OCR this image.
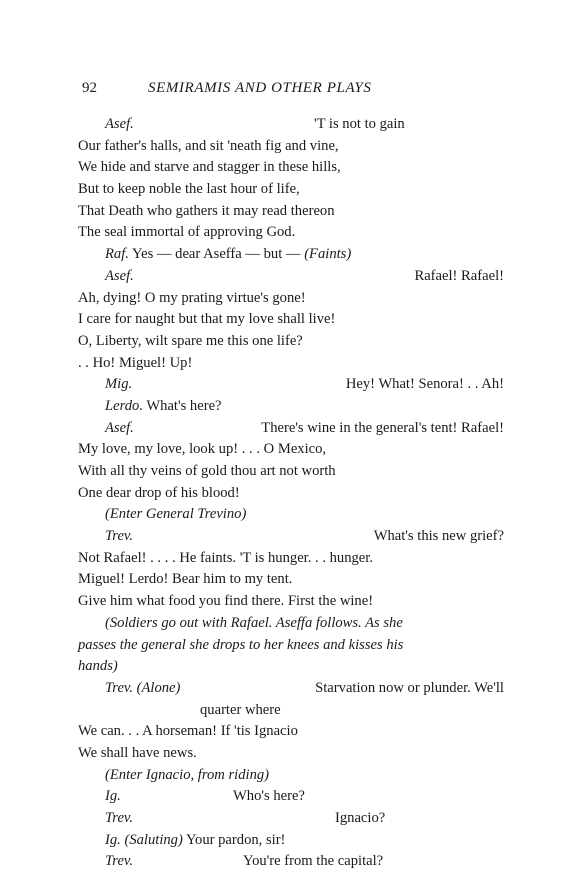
92	SEMIRAMIS AND OTHER PLAYS
Asef.	'T is not to gain
Our father's halls, and sit 'neath fig and vine,
We hide and starve and stagger in these hills,
But to keep noble the last hour of life,
That Death who gathers it may read thereon
The seal immortal of approving God.
Raf. Yes — dear Aseffa — but — (Faints)
Asef.	Rafael! Rafael!
Ah, dying! O my prating virtue's gone!
I care for naught but that my love shall live!
O, Liberty, wilt spare me this one life?
. . Ho! Miguel! Up!
Mig.	Hey! What! Senora! . . Ah!
Lerdo. What's here?
Asef.	There's wine in the general's tent! Rafael!
My love, my love, look up! . . . O Mexico,
With all thy veins of gold thou art not worth
One dear drop of his blood!
(Enter General Trevino)
Trev.	What's this new grief?
Not Rafael! . . . . He faints. 'T is hunger. . . hunger.
Miguel! Lerdo! Bear him to my tent.
Give him what food you find there. First the wine!
(Soldiers go out with Rafael. Aseffa follows. As she
passes the general she drops to her knees and kisses his
hands)
Trev. (Alone)	Starvation now or plunder. We'll
quarter where
We can. . . A horseman! If 'tis Ignacio
We shall have news.
(Enter Ignacio, from riding)
Ig.	Who's here?
Trev.	Ignacio?
Ig. (Saluting) Your pardon, sir!
Trev.	You're from the capital?
